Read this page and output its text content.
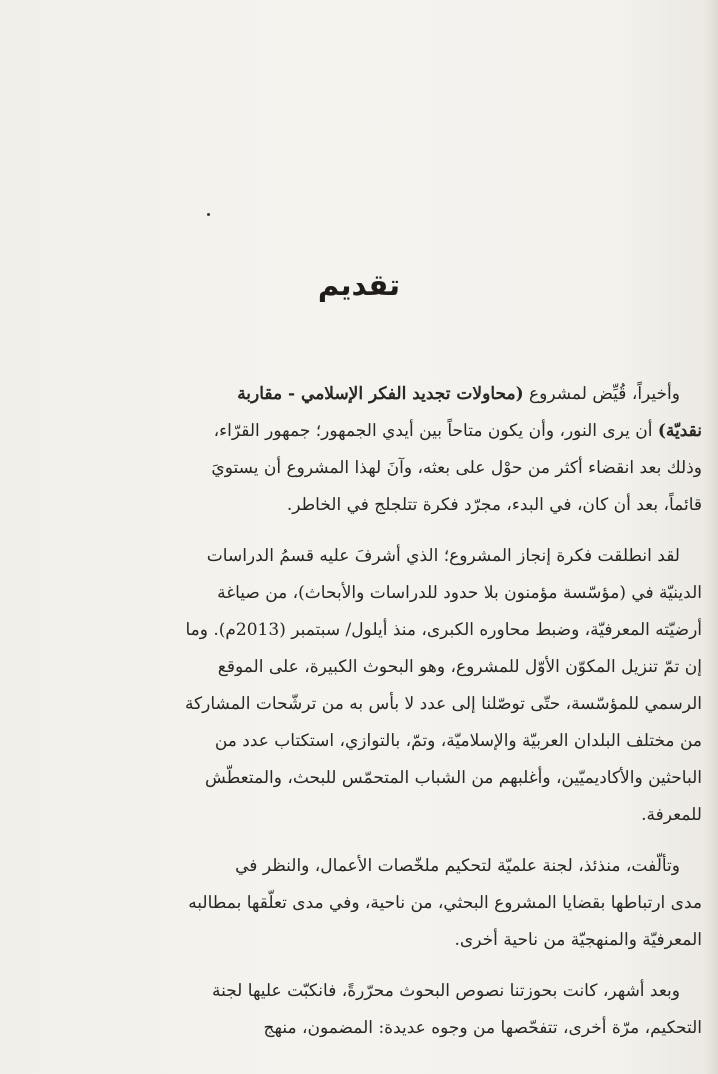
تقديم
وأخيراً، قُيِّض لمشروع (محاولات تجديد الفكر الإسلامي - مقاربة
نقديّة) أن يرى النور، وأن يكون متاحاً بين أيدي الجمهور؛ جمهور القرّاء،
وذلك بعد انقضاء أكثر من حوْل على بعثه، وآنَ لهذا المشروع أن يستويَ
قائماً، بعد أن كان، في البدء، مجرّد فكرة تتلجلج في الخاطر.
لقد انطلقت فكرة إنجاز المشروع؛ الذي أشرفَ عليه قسمُ الدراسات
الدينيّة في (مؤسّسة مؤمنون بلا حدود للدراسات والأبحاث)، من صياغة
أرضيّته المعرفيّة، وضبط محاوره الكبرى، منذ أيلول/ سبتمبر (2013م). وما
إن تمّ تنزيل المكوّن الأوّل للمشروع، وهو البحوث الكبيرة، على الموقع
الرسمي للمؤسّسة، حتّى توصّلنا إلى عدد لا بأس به من ترشّحات المشاركة
من مختلف البلدان العربيّة والإسلاميّة، وتمّ، بالتوازي، استكتاب عدد من
الباحثين والأكاديميّين، وأغلبهم من الشباب المتحمّس للبحث، والمتعطّش
للمعرفة.
وتألّفت، منذئذ، لجنة علميّة لتحكيم ملخّصات الأعمال، والنظر في
مدى ارتباطها بقضايا المشروع البحثي، من ناحية، وفي مدى تعلّقها بمطالبه
المعرفيّة والمنهجيّة من ناحية أخرى.
وبعد أشهر، كانت بحوزتنا نصوص البحوث محرّرةً، فانكبّت عليها لجنة
التحكيم، مرّة أخرى، تتفحّصها من وجوه عديدة: المضمون، منهج
